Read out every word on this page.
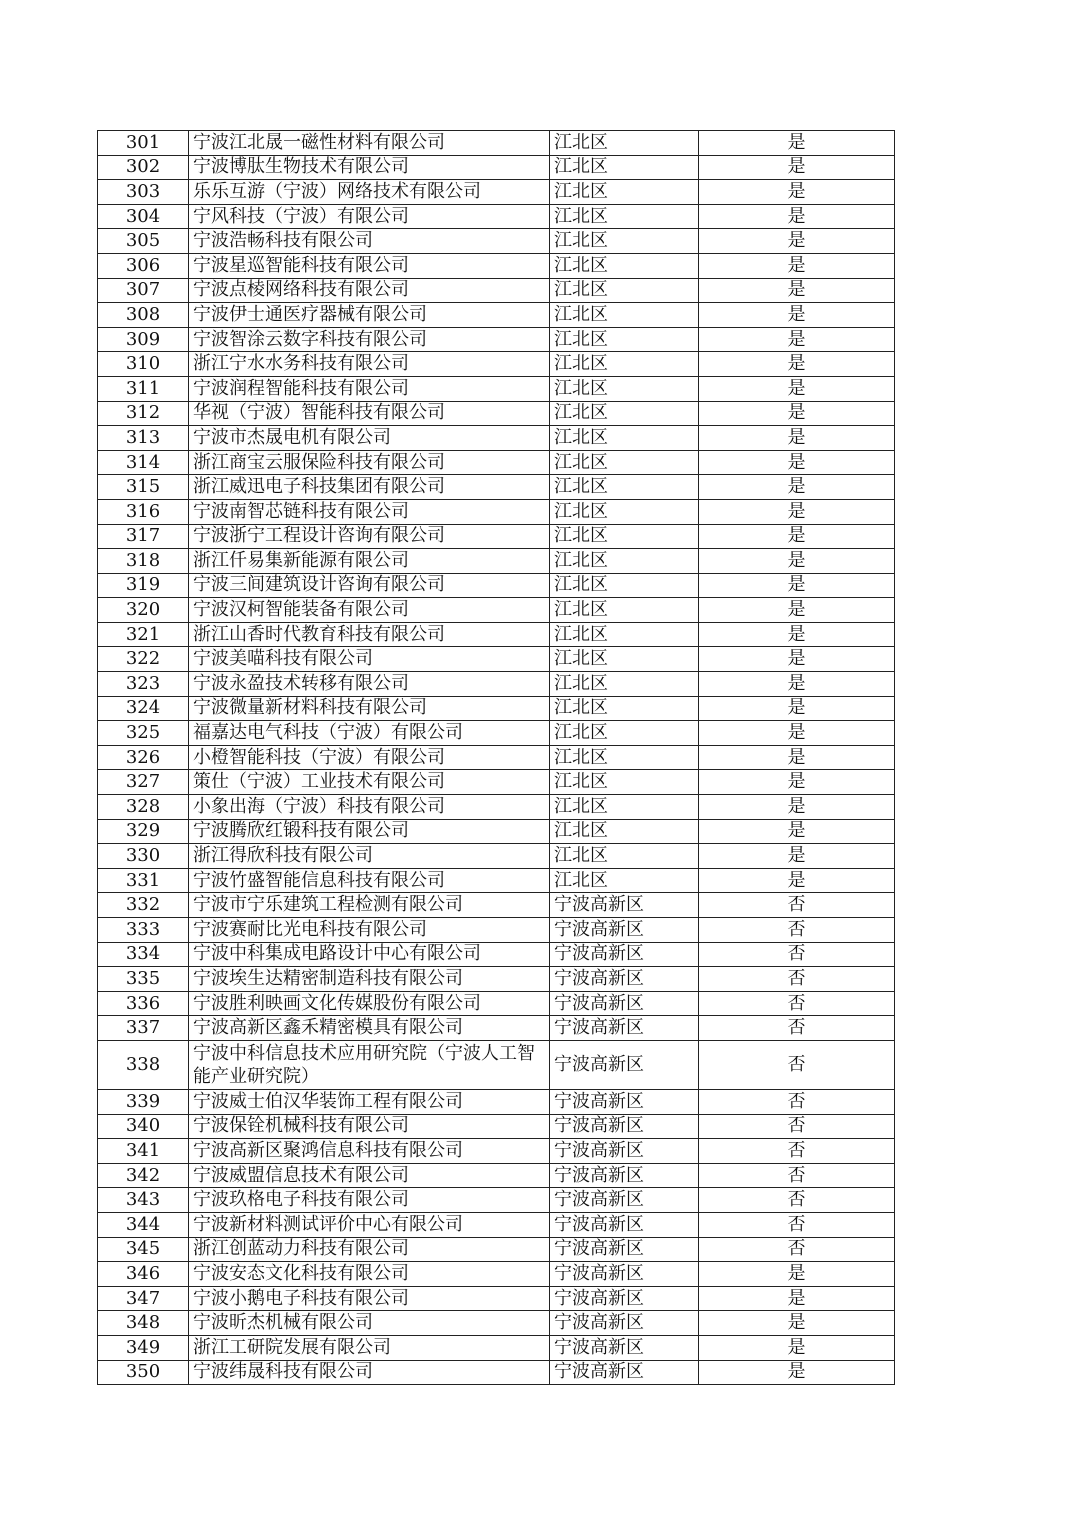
301	宁波江北晟一磁性材料有限公司	江北区	是
302	宁波博肽生物技术有限公司	江北区	是
303	乐乐互游（宁波）网络技术有限公司	江北区	是
304	宁风科技（宁波）有限公司	江北区	是
305	宁波浩畅科技有限公司	江北区	是
306	宁波星巡智能科技有限公司	江北区	是
307	宁波点棱网络科技有限公司	江北区	是
308	宁波伊士通医疗器械有限公司	江北区	是
309	宁波智涂云数字科技有限公司	江北区	是
310	浙江宁水水务科技有限公司	江北区	是
311	宁波润程智能科技有限公司	江北区	是
312	华视（宁波）智能科技有限公司	江北区	是
313	宁波市杰晟电机有限公司	江北区	是
314	浙江商宝云服保险科技有限公司	江北区	是
315	浙江威迅电子科技集团有限公司	江北区	是
316	宁波南智芯链科技有限公司	江北区	是
317	宁波浙宁工程设计咨询有限公司	江北区	是
318	浙江仟易集新能源有限公司	江北区	是
319	宁波三间建筑设计咨询有限公司	江北区	是
320	宁波汉柯智能装备有限公司	江北区	是
321	浙江山香时代教育科技有限公司	江北区	是
322	宁波美喵科技有限公司	江北区	是
323	宁波永盈技术转移有限公司	江北区	是
324	宁波微量新材料科技有限公司	江北区	是
325	福嘉达电气科技（宁波）有限公司	江北区	是
326	小橙智能科技（宁波）有限公司	江北区	是
327	策仕（宁波）工业技术有限公司	江北区	是
328	小象出海（宁波）科技有限公司	江北区	是
329	宁波腾欣红锻科技有限公司	江北区	是
330	浙江得欣科技有限公司	江北区	是
331	宁波竹盛智能信息科技有限公司	江北区	是
332	宁波市宁乐建筑工程检测有限公司	宁波高新区	否
333	宁波赛耐比光电科技有限公司	宁波高新区	否
334	宁波中科集成电路设计中心有限公司	宁波高新区	否
335	宁波埃生达精密制造科技有限公司	宁波高新区	否
336	宁波胜利映画文化传媒股份有限公司	宁波高新区	否
337	宁波高新区鑫禾精密模具有限公司	宁波高新区	否
338	宁波中科信息技术应用研究院（宁波人工智能产业研究院）	宁波高新区	否
339	宁波威士伯汉华装饰工程有限公司	宁波高新区	否
340	宁波保铨机械科技有限公司	宁波高新区	否
341	宁波高新区聚鸿信息科技有限公司	宁波高新区	否
342	宁波威盟信息技术有限公司	宁波高新区	否
343	宁波玖格电子科技有限公司	宁波高新区	否
344	宁波新材料测试评价中心有限公司	宁波高新区	否
345	浙江创蓝动力科技有限公司	宁波高新区	否
346	宁波安态文化科技有限公司	宁波高新区	是
347	宁波小鹅电子科技有限公司	宁波高新区	是
348	宁波昕杰机械有限公司	宁波高新区	是
349	浙江工研院发展有限公司	宁波高新区	是
350	宁波纬晟科技有限公司	宁波高新区	是
